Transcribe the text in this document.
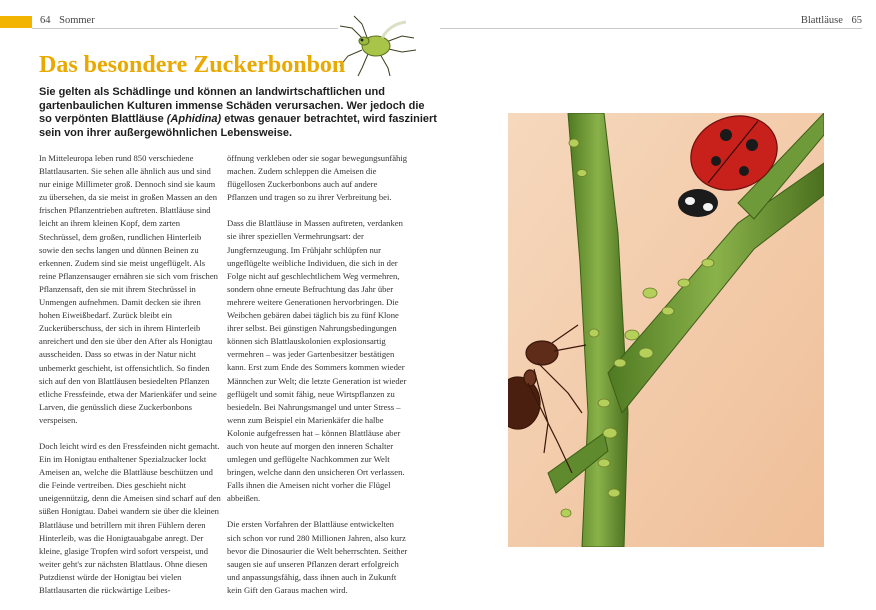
64 Sommer	Blattläuse 65
Das besondere Zuckerbonbon

Sie gelten als Schädlinge und können an landwirtschaftlichen und gartenbaulichen Kulturen immense Schäden verursachen. Wer jedoch die so verpönten Blattläuse (Aphidina) etwas genauer betrachtet, wird fasziniert sein von ihrer außergewöhnlichen Lebensweise.

In Mitteleuropa leben rund 850 verschiedene Blattlausarten. Sie sehen alle ähnlich aus und sind nur einige Millimeter groß. Dennoch sind sie kaum zu übersehen, da sie meist in großen Massen an den frischen Pflanzentrieben auftreten. Blattläuse sind leicht an ihrem kleinen Kopf, dem zarten Stechrüssel, dem großen, rundlichen Hinterleib sowie den sechs langen und dünnen Beinen zu erkennen. Zudem sind sie meist ungeflügelt. Als reine Pflanzensauger ernähren sie sich vom frischen Pflanzensaft, den sie mit ihrem Stechrüssel in Unmengen aufnehmen. Damit decken sie ihren hohen Eiweißbedarf. Zurück bleibt ein Zuckerüberschuss, der sich in ihrem Hinterleib anreichert und den sie über den After als Honigtau ausscheiden. Dass so etwas in der Natur nicht unbemerkt geschieht, ist offensichtlich. So finden sich auf den von Blattläusen besiedelten Pflanzen etliche Fressfeinde, etwa der Marienkäfer und seine Larven, die genüsslich diese Zuckerbonbons verspeisen.

Doch leicht wird es den Fressfeinden nicht gemacht. Ein im Honigtau enthaltener Spezialzucker lockt Ameisen an, welche die Blattläuse beschützen und die Feinde vertreiben. Dies geschieht nicht uneigennützig, denn die Ameisen sind scharf auf den süßen Honigtau. Dabei wandern sie über die kleinen Blattläuse und betrillern mit ihren Fühlern deren Hinterleib, was die Honigtauabgabe anregt. Der kleine, glasige Tropfen wird sofort verspeist, und weiter geht's zur nächsten Blattlaus. Ohne diesen Putzdienst würde der Honigtau bei vielen Blattlausarten die rückwärtige Leibes-

öffnung verkleben oder sie sogar bewegungsunfähig machen. Zudem schleppen die Ameisen die flügellosen Zuckerbonbons auch auf andere Pflanzen und tragen so zu ihrer Verbreitung bei.

Dass die Blattläuse in Massen auftreten, verdanken sie ihrer speziellen Vermehrungsart: der Jungfernzeugung. Im Frühjahr schlüpfen nur ungeflügelte weibliche Individuen, die sich in der Folge nicht auf geschlechtlichem Weg vermehren, sondern ohne erneute Befruchtung das Jahr über mehrere weitere Generationen hervorbringen. Die Weibchen gebären dabei täglich bis zu fünf Klone ihrer selbst. Bei günstigen Nahrungsbedingungen können sich Blattlauskolonien explosionsartig vermehren – was jeder Gartenbesitzer bestätigen kann. Erst zum Ende des Sommers kommen wieder Männchen zur Welt; die letzte Generation ist wieder geflügelt und somit fähig, neue Wirtspflanzen zu besiedeln. Bei Nahrungsmangel und unter Stress – wenn zum Beispiel ein Marienkäfer die halbe Kolonie aufgefressen hat – können Blattläuse aber auch von heute auf morgen den inneren Schalter umlegen und geflügelte Nachkommen zur Welt bringen, welche dann den unsicheren Ort verlassen. Falls ihnen die Ameisen nicht vorher die Flügel abbeißen.

Die ersten Vorfahren der Blattläuse entwickelten sich schon vor rund 280 Millionen Jahren, also kurz bevor die Dinosaurier die Welt beherrschten. Seither saugen sie auf unseren Pflanzen derart erfolgreich und anpassungsfähig, dass ihnen auch in Zukunft kein Gift den Garaus machen wird.
